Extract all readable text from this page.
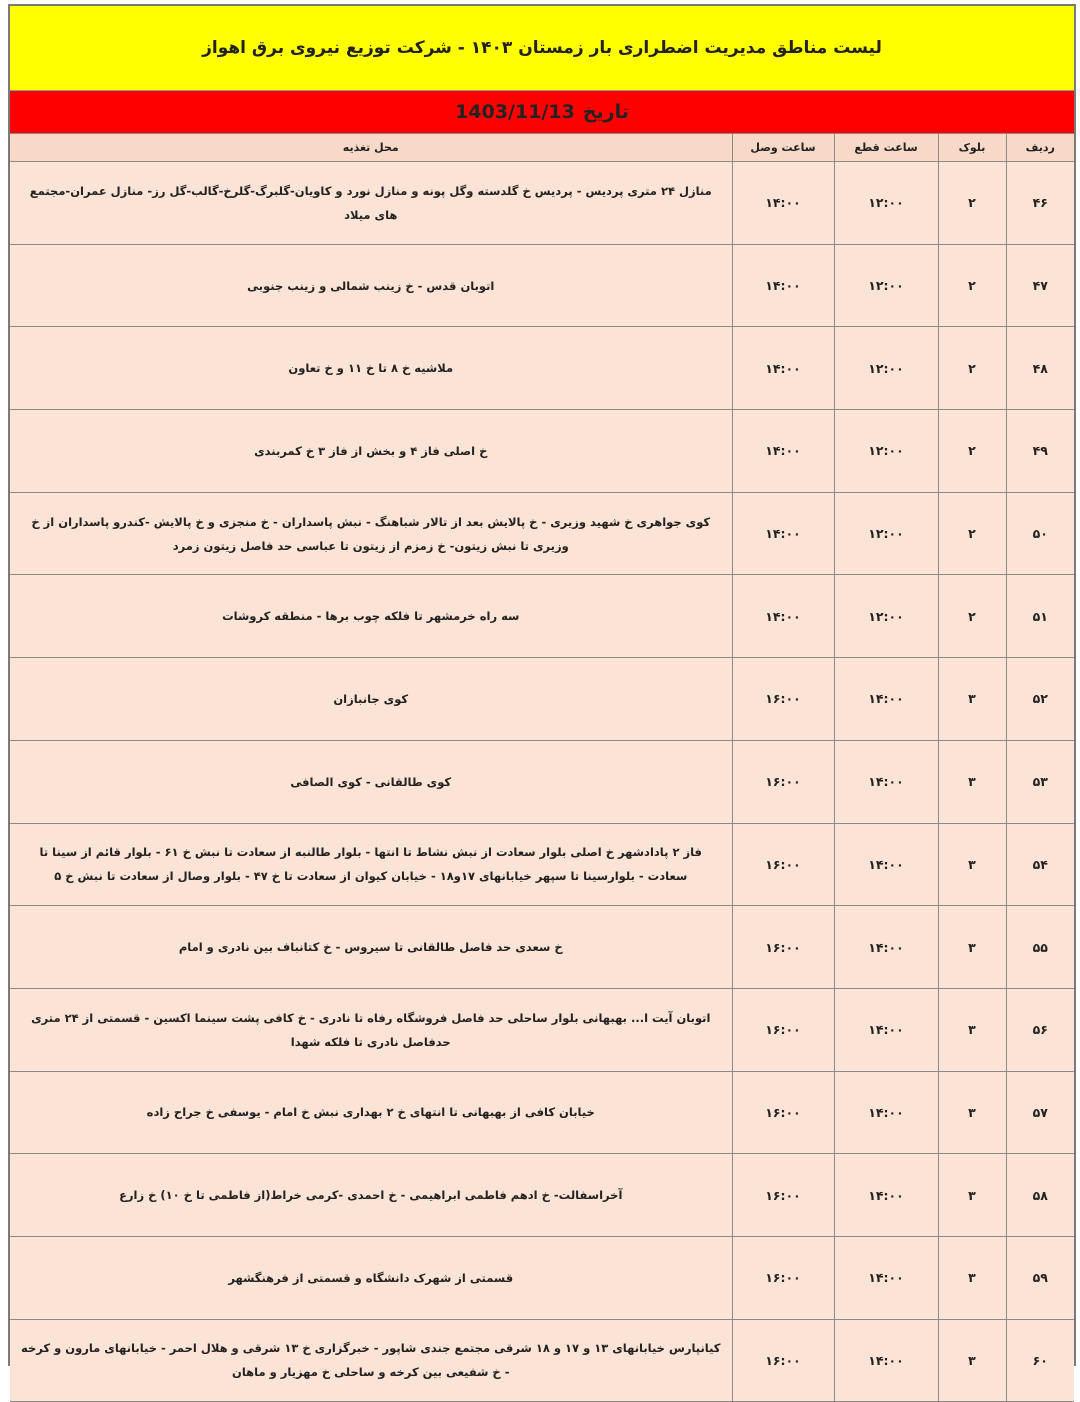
لیست مناطق مدیریت اضطراری بار زمستان ۱۴۰۳ - شرکت توزیع نیروی برق اهواز
تاریخ
1403/11/13
ردیف	بلوک	ساعت قطع	ساعت وصل	محل تغذیه
۴۶	۲	۱۲:۰۰	۱۴:۰۰	منازل ۲۴ متری پردیس - پردیس خ گلدسته وگل پونه و منازل نورد و کاویان-گلبرگ-گلرخ-گالب-گل رز- منازل عمران-مجتمع های میلاد
۴۷	۲	۱۲:۰۰	۱۴:۰۰	اتوبان قدس - خ زینب شمالی و زینب جنوبی
۴۸	۲	۱۲:۰۰	۱۴:۰۰	ملاشیه خ ۸ تا خ ۱۱ و خ تعاون
۴۹	۲	۱۲:۰۰	۱۴:۰۰	خ اصلی فاز ۴ و بخش از فاز ۳ خ کمربندی
۵۰	۲	۱۲:۰۰	۱۴:۰۰	کوی جواهری خ شهید وزیری - خ پالایش بعد از تالار شباهنگ - نبش پاسداران - خ منجزی و خ پالایش -کندرو پاسداران از خ وزیری تا نبش زیتون- خ زمزم از زیتون تا عباسی حد فاصل زیتون زمرد
۵۱	۲	۱۲:۰۰	۱۴:۰۰	سه راه خرمشهر تا فلکه چوب برها - منطقه کروشات
۵۲	۳	۱۴:۰۰	۱۶:۰۰	کوی جانبازان
۵۳	۳	۱۴:۰۰	۱۶:۰۰	کوی طالقانی - کوی الصافی
۵۴	۳	۱۴:۰۰	۱۶:۰۰	فاز ۲ پادادشهر خ اصلی بلوار سعادت از نبش نشاط تا انتها - بلوار طالنبه از سعادت تا نبش خ ۶۱ - بلوار قائم از سینا تا سعادت - بلوارسینا تا سپهر خیابانهای ۱۷و۱۸ - خیابان کیوان از سعادت تا خ ۴۷ - بلوار وصال از سعادت تا نبش خ ۵
۵۵	۳	۱۴:۰۰	۱۶:۰۰	خ سعدی حد فاصل طالقانی تا سیروس - خ کتانباف بین نادری و امام
۵۶	۳	۱۴:۰۰	۱۶:۰۰	اتوبان آیت ا... بهبهانی بلوار ساحلی حد فاصل فروشگاه رفاه تا نادری - خ کافی پشت سینما اکسین - قسمتی از ۲۴ متری حدفاصل نادری تا فلکه شهدا
۵۷	۳	۱۴:۰۰	۱۶:۰۰	خیابان کافی از بهبهانی تا انتهای خ ۲ بهداری نبش خ امام - یوسفی خ جراح زاده
۵۸	۳	۱۴:۰۰	۱۶:۰۰	آخراسفالت- خ ادهم فاطمی ابراهیمی - خ احمدی -کرمی خراط(از فاطمی تا خ ۱۰) خ زارع
۵۹	۳	۱۴:۰۰	۱۶:۰۰	قسمتی از شهرک دانشگاه و قسمتی از فرهنگشهر
۶۰	۳	۱۴:۰۰	۱۶:۰۰	کیانپارس خیابانهای ۱۳ و ۱۷ و ۱۸ شرقی مجتمع جندی شاپور - خبرگزاری خ ۱۳ شرقی و هلال احمر - خیابانهای مارون و کرخه - خ شفیعی بین کرخه و ساحلی خ مهزیار و ماهان
